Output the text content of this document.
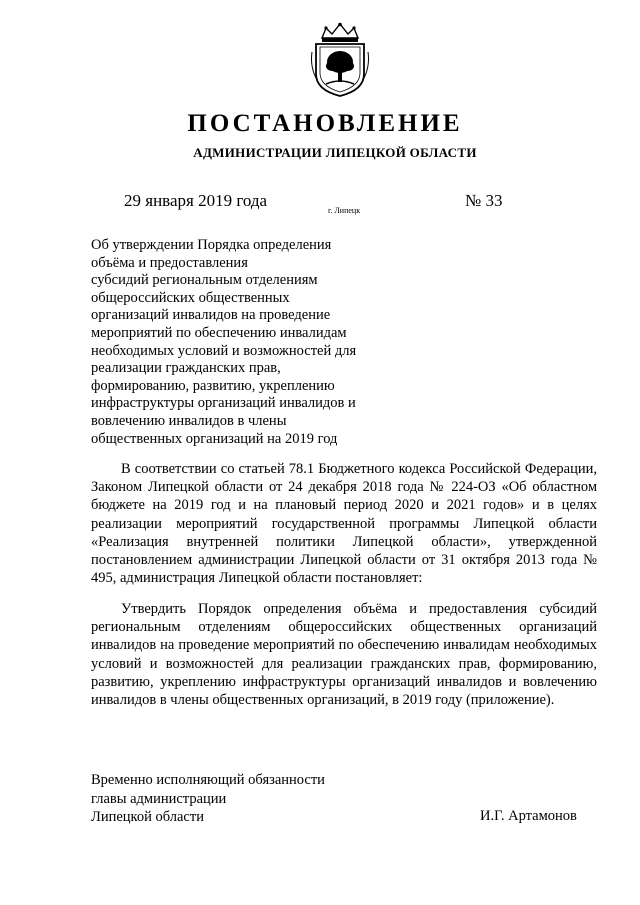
ПОСТАНОВЛЕНИЕ
АДМИНИСТРАЦИИ ЛИПЕЦКОЙ ОБЛАСТИ
29 января 2019 года
г. Липецк
№ 33
Об утверждении Порядка определения
объёма и предоставления
субсидий региональным отделениям
общероссийских общественных
организаций инвалидов на проведение
мероприятий по обеспечению инвалидам
необходимых условий и возможностей для
реализации гражданских прав,
формированию, развитию, укреплению
инфраструктуры организаций инвалидов и
вовлечению инвалидов в члены
общественных организаций на 2019 год

В соответствии со статьей 78.1 Бюджетного кодекса Российской Федерации, Законом Липецкой области от 24 декабря 2018 года № 224-ОЗ «Об областном бюджете на 2019 год и на плановый период 2020 и 2021 годов» и в целях реализации мероприятий государственной программы Липецкой области «Реализация внутренней политики Липецкой области», утвержденной постановлением администрации Липецкой области от 31 октября 2013 года № 495, администрация Липецкой области постановляет:

Утвердить Порядок определения объёма и предоставления субсидий региональным отделениям общероссийских общественных организаций инвалидов на проведение мероприятий по обеспечению инвалидам необходимых условий и возможностей для реализации гражданских прав, формированию, развитию, укреплению инфраструктуры организаций инвалидов и вовлечению инвалидов в члены общественных организаций, в 2019 году (приложение).

Временно исполняющий обязанности
главы администрации
Липецкой области	И.Г. Артамонов
